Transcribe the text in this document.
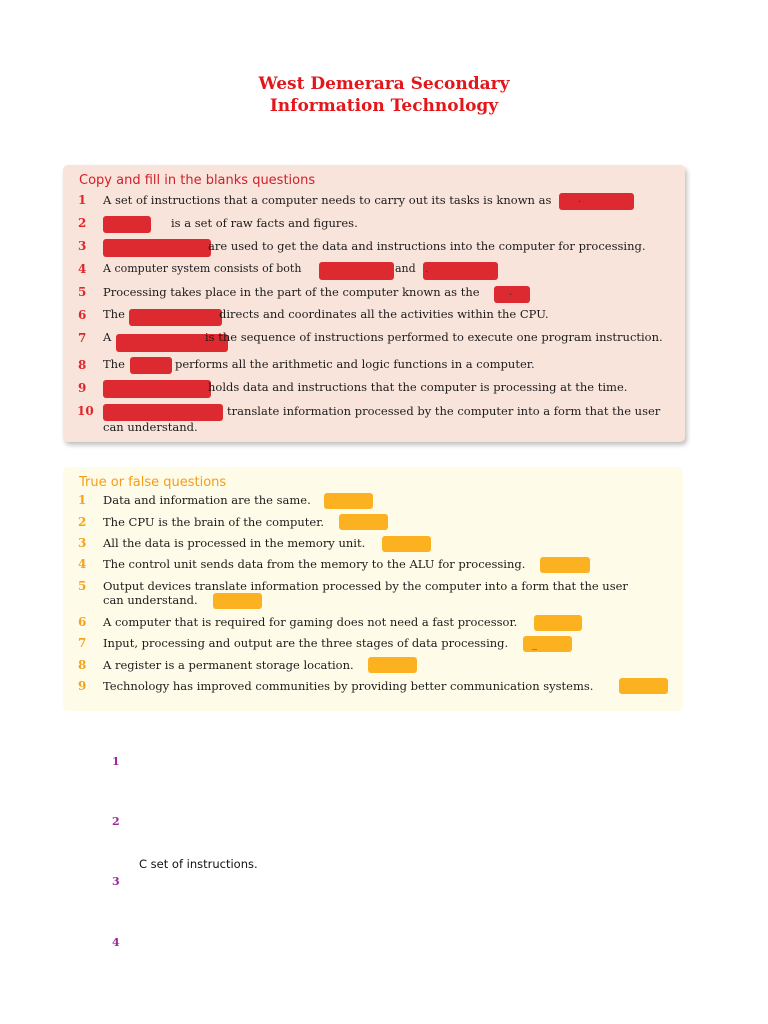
West Demerara Secondary
Information Technology
Copy and fill in the blanks questions
1 A set of instructions that a computer needs to carry out its tasks is known as	.
2	is a set of raw facts and figures.
3	are used to get the data and instructions into the computer for processing.
4 A computer system consists of both	and .
5 Processing takes place in the part of the computer known as the	.
6 The	directs and coordinates all the activities within the CPU.
7 A	is the sequence of instructions performed to execute one program instruction.
8 The	performs all the arithmetic and logic functions in a computer.
9	holds data and instructions that the computer is processing at the time.
10	translate information processed by the computer into a form that the user
can understand.
True or false questions
1 Data and information are the same.
2 The CPU is the brain of the computer.
3 All the data is processed in the memory unit.
4 The control unit sends data from the memory to the ALU for processing.
5 Output devices translate information processed by the computer into a form that the user
can understand.
6 A computer that is required for gaming does not need a fast processor.
7 Input, processing and output are the three stages of data processing. _
8 A register is a permanent storage location.
9 Technology has improved communities by providing better communication systems.
1
2
C set of instructions.
3
4
